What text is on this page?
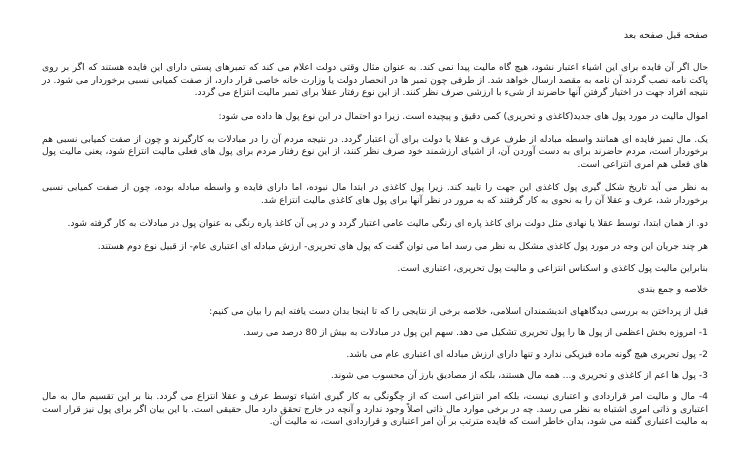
صفحه قبل صفحه بعد

حال اگر آن فایده برای این اشیاء اعتبار نشود، هیچ گاه مالیت پیدا نمی کند. به عنوان مثال وقتی دولت اعلام می کند که تمبرهای پستی دارای این فایده هستند که اگر بر روی پاکت نامه نصب گردند آن نامه به مقصد ارسال خواهد شد. از طرفی چون تمبر ها در انحصار دولت یا وزارت خانه خاصی قرار دارد، از صفت کمیابی نسبی برخوردار می شود. در نتیجه افراد جهت در اختیار گرفتن آنها حاضرند از شیء با ارزشی صرف نظر کنند. از این نوع رفتار عقلا برای تمبر مالیت انتزاع می گردد.

اموال مالیت در مورد پول های جدید(کاغذی و تحریری) کمی دقیق و پیچیده است. زیرا دو احتمال در این نوع پول ها داده می شود:

یک. مال تمیز فایده ای همانند واسطه مبادله از طرف عرف و عقلا یا دولت برای آن اعتبار گردد. در نتیجه مردم آن را در مبادلات به کارگیرند و چون از صفت کمیابی نسبی هم برخوردار است، مردم حاضرند برای به دست آوردن آن، از اشیای ارزشمند خود صرف نظر کنند، از این نوع رفتار مردم برای پول های فعلی مالیت انتزاع شود، یعنی مالیت پول های فعلی هم امری انتزاعی است.

به نظر می آید تاریخ شکل گیری پول کاغذی این جهت را تایید کند. زیرا پول کاغذی در ابتدا مال نبوده، اما دارای فایده و واسطه مبادله بوده، چون از صفت کمیابی نسبی برخوردار شد، عرف و عقلا آن را به نحوی به کار گرفتند که به مرور در نظر آنها برای پول های کاغذی مالیت انتزاع شد.

دو. از همان ابتدا، توسط عقلا یا نهادی مثل دولت برای کاغذ پاره ای رنگی مالیت عامی اعتبار گردد و در پی آن کاغذ پاره رنگی به عنوان پول در مبادلات به کار گرفته شود.

هر چند جریان این وجه در مورد پول کاغذی مشکل به نظر می رسد اما می توان گفت که پول های تحریری- ارزش مبادله ای اعتباری عام- از قبیل نوع دوم هستند.

بنابراین مالیت پول کاغذی و اسکناس انتزاعی و مالیت پول تحریری، اعتباری است.

خلاصه و جمع بندی

قبل از پرداختن به بررسی دیدگاههای اندیشمندان اسلامی، خلاصه برخی از نتایجی را که تا اینجا بدان دست یافته ایم را بیان می کنیم:

1- امروزه بخش اعظمی از پول ها را پول تحریری تشکیل می دهد. سهم این پول در مبادلات به بیش از 80 درصد می رسد.

2- پول تحریری هیچ گونه ماده فیزیکی ندارد و تنها دارای ارزش مبادله ای اعتباری عام می باشد.

3- پول ها اعم از کاغذی و تحریری و... همه مال هستند، بلکه از مصادیق بارز آن محسوب می شوند.

4- مال و مالیت امر قراردادی و اعتباری نیست، بلکه امر انتزاعی است که از چگونگی به کار گیری اشیاء توسط عرف و عقلا انتزاع می گردد. بنا بر این تقسیم مال به مال اعتباری و ذاتی امری اشتباه به نظر می رسد. چه در برخی موارد مال ذاتی اصلاً وجود ندارد و آنچه در خارج تحقق دارد مال حقیقی است. با این بیان اگر برای پول نیز قرار است به مالیت اعتباری گفته می شود، بدان خاطر است که فایده مترتب بر آن امر اعتباری و قراردادی است، نه مالیت آن.
